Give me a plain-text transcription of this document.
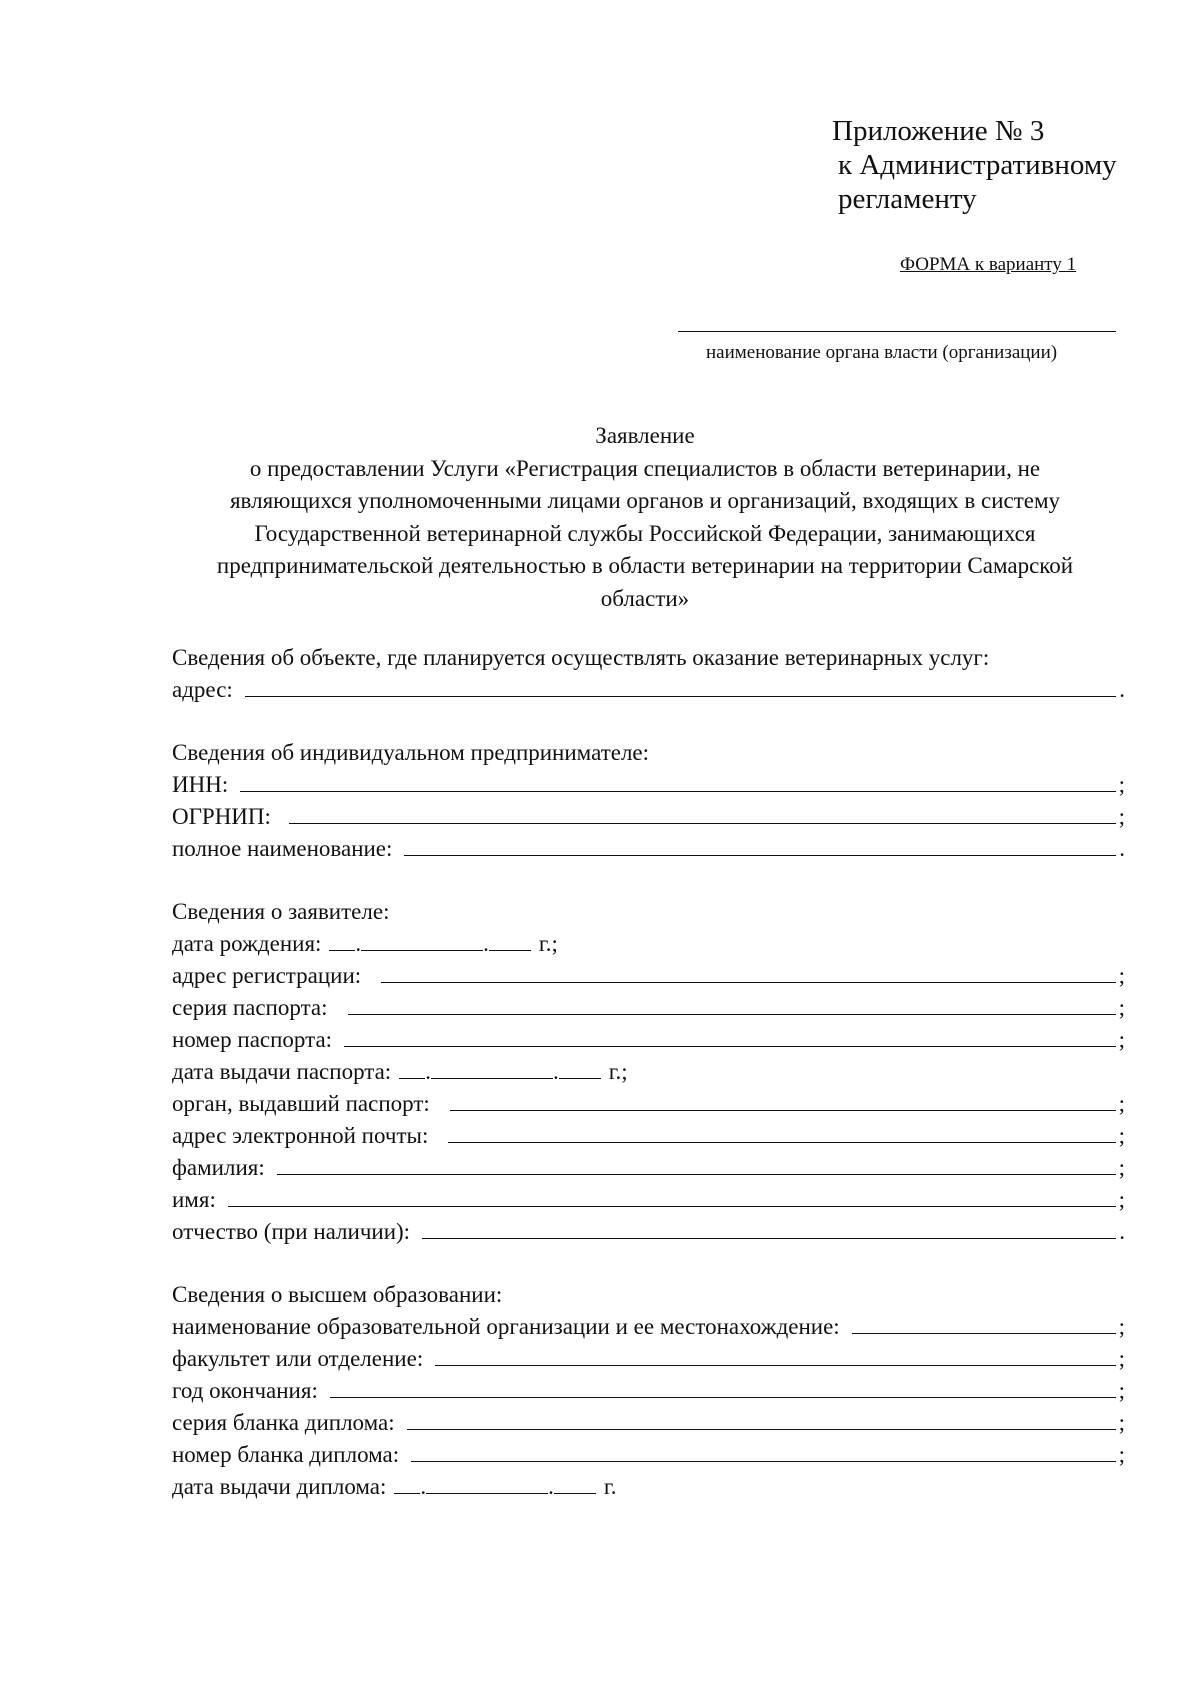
Приложение № 3
к Административному
регламенту
ФОРМА к варианту 1
наименование органа власти (организации)
Заявление
о предоставлении Услуги «Регистрация специалистов в области ветеринарии, не
являющихся уполномоченными лицами органов и организаций, входящих в систему
Государственной ветеринарной службы Российской Федерации, занимающихся
предпринимательской деятельностью в области ветеринарии на территории Самарской
области»
Сведения об объекте, где планируется осуществлять оказание ветеринарных услуг:
адрес:	.
Сведения об индивидуальном предпринимателе:
ИНН:	;
ОГРНИП:	;
полное наименование:	.
Сведения о заявителе:
дата рождения: .	. г.;
адрес регистрации:	;
серия паспорта:	;
номер паспорта:	;
дата выдачи паспорта: .	. г.;
орган, выдавший паспорт:	;
адрес электронной почты:	;
фамилия:	;
имя:	;
отчество (при наличии):	.
Сведения о высшем образовании:
наименование образовательной организации и ее местонахождение:	;
факультет или отделение:	;
год окончания:	;
серия бланка диплома:	;
номер бланка диплома:	;
дата выдачи диплома: .	. г.
